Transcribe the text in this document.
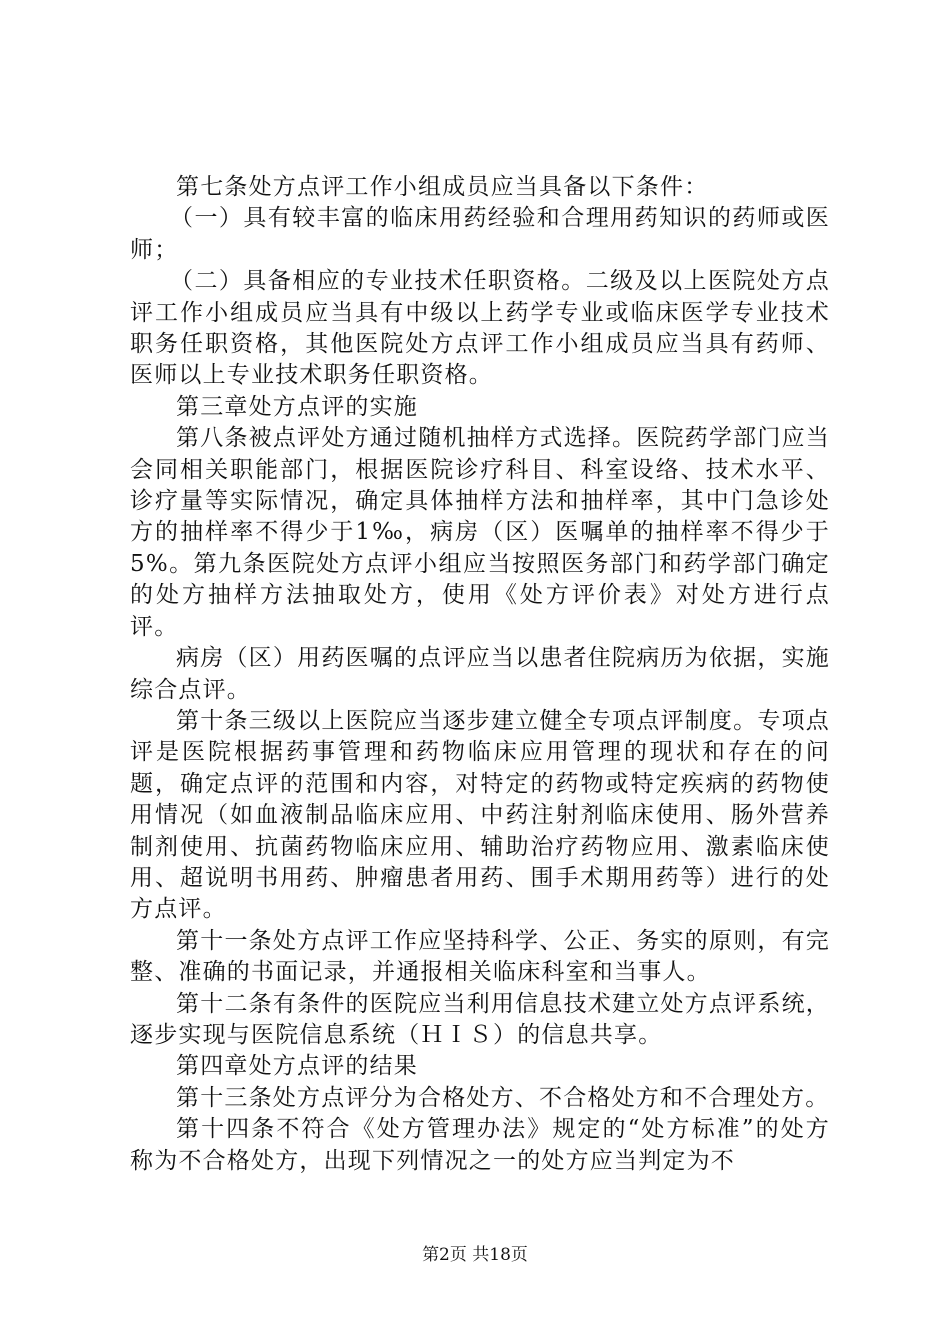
第七条处方点评工作小组成员应当具备以下条件：

（一）具有较丰富的临床用药经验和合理用药知识的药师或医师；

（二）具备相应的专业技术任职资格。二级及以上医院处方点评工作小组成员应当具有中级以上药学专业或临床医学专业技术职务任职资格，其他医院处方点评工作小组成员应当具有药师、医师以上专业技术职务任职资格。

第三章处方点评的实施

第八条被点评处方通过随机抽样方式选择。医院药学部门应当会同相关职能部门，根据医院诊疗科目、科室设络、技术水平、诊疗量等实际情况，确定具体抽样方法和抽样率，其中门急诊处方的抽样率不得少于1‰，病房（区）医嘱单的抽样率不得少于5%。第九条医院处方点评小组应当按照医务部门和药学部门确定的处方抽样方法抽取处方，使用《处方评价表》对处方进行点评。

病房（区）用药医嘱的点评应当以患者住院病历为依据，实施综合点评。

第十条三级以上医院应当逐步建立健全专项点评制度。专项点评是医院根据药事管理和药物临床应用管理的现状和存在的问题，确定点评的范围和内容，对特定的药物或特定疾病的药物使用情况（如血液制品临床应用、中药注射剂临床使用、肠外营养制剂使用、抗菌药物临床应用、辅助治疗药物应用、激素临床使用、超说明书用药、肿瘤患者用药、围手术期用药等）进行的处方点评。

第十一条处方点评工作应坚持科学、公正、务实的原则，有完整、准确的书面记录，并通报相关临床科室和当事人。

第十二条有条件的医院应当利用信息技术建立处方点评系统，逐步实现与医院信息系统（ＨＩＳ）的信息共享。

第四章处方点评的结果

第十三条处方点评分为合格处方、不合格处方和不合理处方。

第十四条不符合《处方管理办法》规定的“处方标准”的处方称为不合格处方，出现下列情况之一的处方应当判定为不

第2页 共18页
